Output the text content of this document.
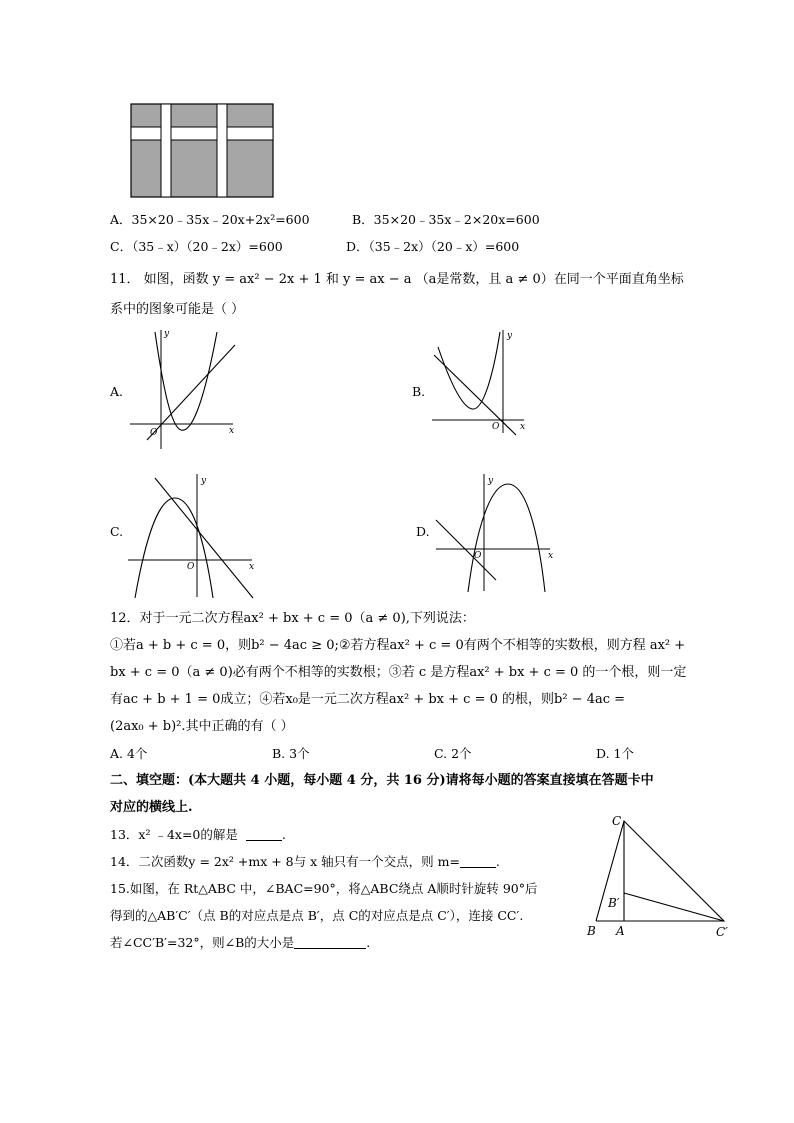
A．35×20﹣35x﹣20x+2x²=600	B．35×20﹣35x﹣2×20x=600
C．（35﹣x）（20﹣2x）=600	D．（35﹣2x）（20﹣x）=600
11． 如图，函数 y = ax² − 2x + 1 和 y = ax − a （a是常数，且 a ≠ 0）在同一个平面直角坐标
系中的图象可能是（ ）
A.	B.
C.	D.
y
x
O
y
x
O
y
x
O
y
x
O
12．对于一元二次方程ax² + bx + c = 0（a ≠ 0),下列说法：
①若a + b + c = 0，则b² − 4ac ≥ 0;②若方程ax² + c = 0有两个不相等的实数根，则方程 ax² +
bx + c = 0（a ≠ 0)必有两个不相等的实数根；③若 c 是方程ax² + bx + c = 0 的一个根，则一定
有ac + b + 1 = 0成立；④若x₀是一元二次方程ax² + bx + c = 0 的根，则b² − 4ac =
(2ax₀ + b)².其中正确的有（ ）
A. 4个	B. 3个	C. 2个	D. 1个
二、填空题：(本大题共 4 小题，每小题 4 分，共 16 分)请将每小题的答案直接填在答题卡中
对应的横线上.
13．x² ﹣4x=0的解是	.
14．二次函数y = 2x² +mx + 8与 x 轴只有一个交点，则 m=	.
15.如图，在 Rt△ABC 中，∠BAC=90°，将△ABC绕点 A顺时针旋转 90°后
得到的△AB′C′（点 B的对应点是点 B′，点 C的对应点是点 C′），连接 CC′.
若∠CC′B′=32°，则∠B的大小是	.
C
B′
B A	C′
